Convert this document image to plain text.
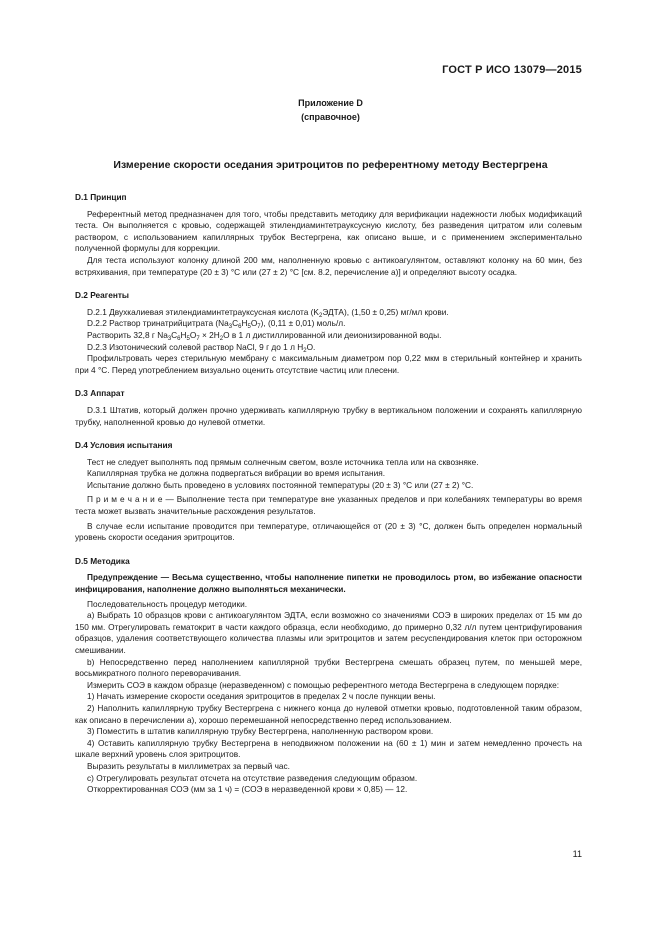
ГОСТ Р ИСО 13079—2015
Приложение D
(справочное)
Измерение скорости оседания эритроцитов по референтному методу Вестергрена
D.1 Принцип

Референтный метод предназначен для того, чтобы представить методику для верификации надежности любых модификаций теста. Он выполняется с кровью, содержащей этилендиаминтетрауксусную кислоту, без разведения цитратом или солевым раствором, с использованием капиллярных трубок Вестергрена, как описано выше, и с применением экспериментально полученной формулы для коррекции.

Для теста используют колонку длиной 200 мм, наполненную кровью с антикоагулянтом, оставляют колонку на 60 мин, без встряхивания, при температуре (20 ± 3) °С или (27 ± 2) °С [см. 8.2, перечисление а)] и определяют высоту осадка.

D.2 Реагенты

D.2.1 Двухкалиевая этилендиаминтетрауксусная кислота $(K_2ЭДТА)$, (1,50 ± 0,25) мг/мл крови.

D.2.2 Раствор тринатрийцитрата $(Na_3C_6H_5O_7)$, (0,11 ± 0,01) моль/л.

Растворить 32,8 г $Na_3C_6H_5O_7 \times 2H_2O$ в 1 л дистиллированной или деионизированной воды.

D.2.3 Изотонический солевой раствор NaCl, 9 г до 1 л $H_2O$.

Профильтровать через стерильную мембрану с максимальным диаметром пор 0,22 мкм в стерильный контейнер и хранить при 4 °С. Перед употреблением визуально оценить отсутствие частиц или плесени.

D.3 Аппарат

D.3.1 Штатив, который должен прочно удерживать капиллярную трубку в вертикальном положении и сохранять капиллярную трубку, наполненной кровью до нулевой отметки.

D.4 Условия испытания

Тест не следует выполнять под прямым солнечным светом, возле источника тепла или на сквозняке.

Капиллярная трубка не должна подвергаться вибрации во время испытания.

Испытание должно быть проведено в условиях постоянной температуры (20 ± 3) °С или (27 ± 2) °С.

П р и м е ч а н и е — Выполнение теста при температуре вне указанных пределов и при колебаниях температуры во время теста может вызвать значительные расхождения результатов.

В случае если испытание проводится при температуре, отличающейся от (20 ± 3) °С, должен быть определен нормальный уровень скорости оседания эритроцитов.

D.5 Методика

Предупреждение — Весьма существенно, чтобы наполнение пипетки не проводилось ртом, во избежание опасности инфицирования, наполнение должно выполняться механически.

Последовательность процедур методики.

а) Выбрать 10 образцов крови с антикоагулянтом ЭДТА, если возможно со значениями СОЭ в широких пределах от 15 мм до 150 мм. Отрегулировать гематокрит в части каждого образца, если необходимо, до примерно 0,32 л/л путем центрифугирования образцов, удаления соответствующего количества плазмы или эритроцитов и затем ресуспендирования клеток при осторожном смешивании.

b) Непосредственно перед наполнением капиллярной трубки Вестергрена смешать образец путем, по меньшей мере, восьмикратного полного переворачивания.

Измерить СОЭ в каждом образце (неразведенном) с помощью референтного метода Вестергрена в следующем порядке:

1) Начать измерение скорости оседания эритроцитов в пределах 2 ч после пункции вены.

2) Наполнить капиллярную трубку Вестергрена с нижнего конца до нулевой отметки кровью, подготовленной таким образом, как описано в перечислении а), хорошо перемешанной непосредственно перед использованием.

3) Поместить в штатив капиллярную трубку Вестергрена, наполненную раствором крови.

4) Оставить капиллярную трубку Вестергрена в неподвижном положении на (60 ± 1) мин и затем немедленно прочесть на шкале верхний уровень слоя эритроцитов.

Выразить результаты в миллиметрах за первый час.

с) Отрегулировать результат отсчета на отсутствие разведения следующим образом.

Откорректированная СОЭ (мм за 1 ч) = (СОЭ в неразведенной крови × 0,85) — 12.

11
